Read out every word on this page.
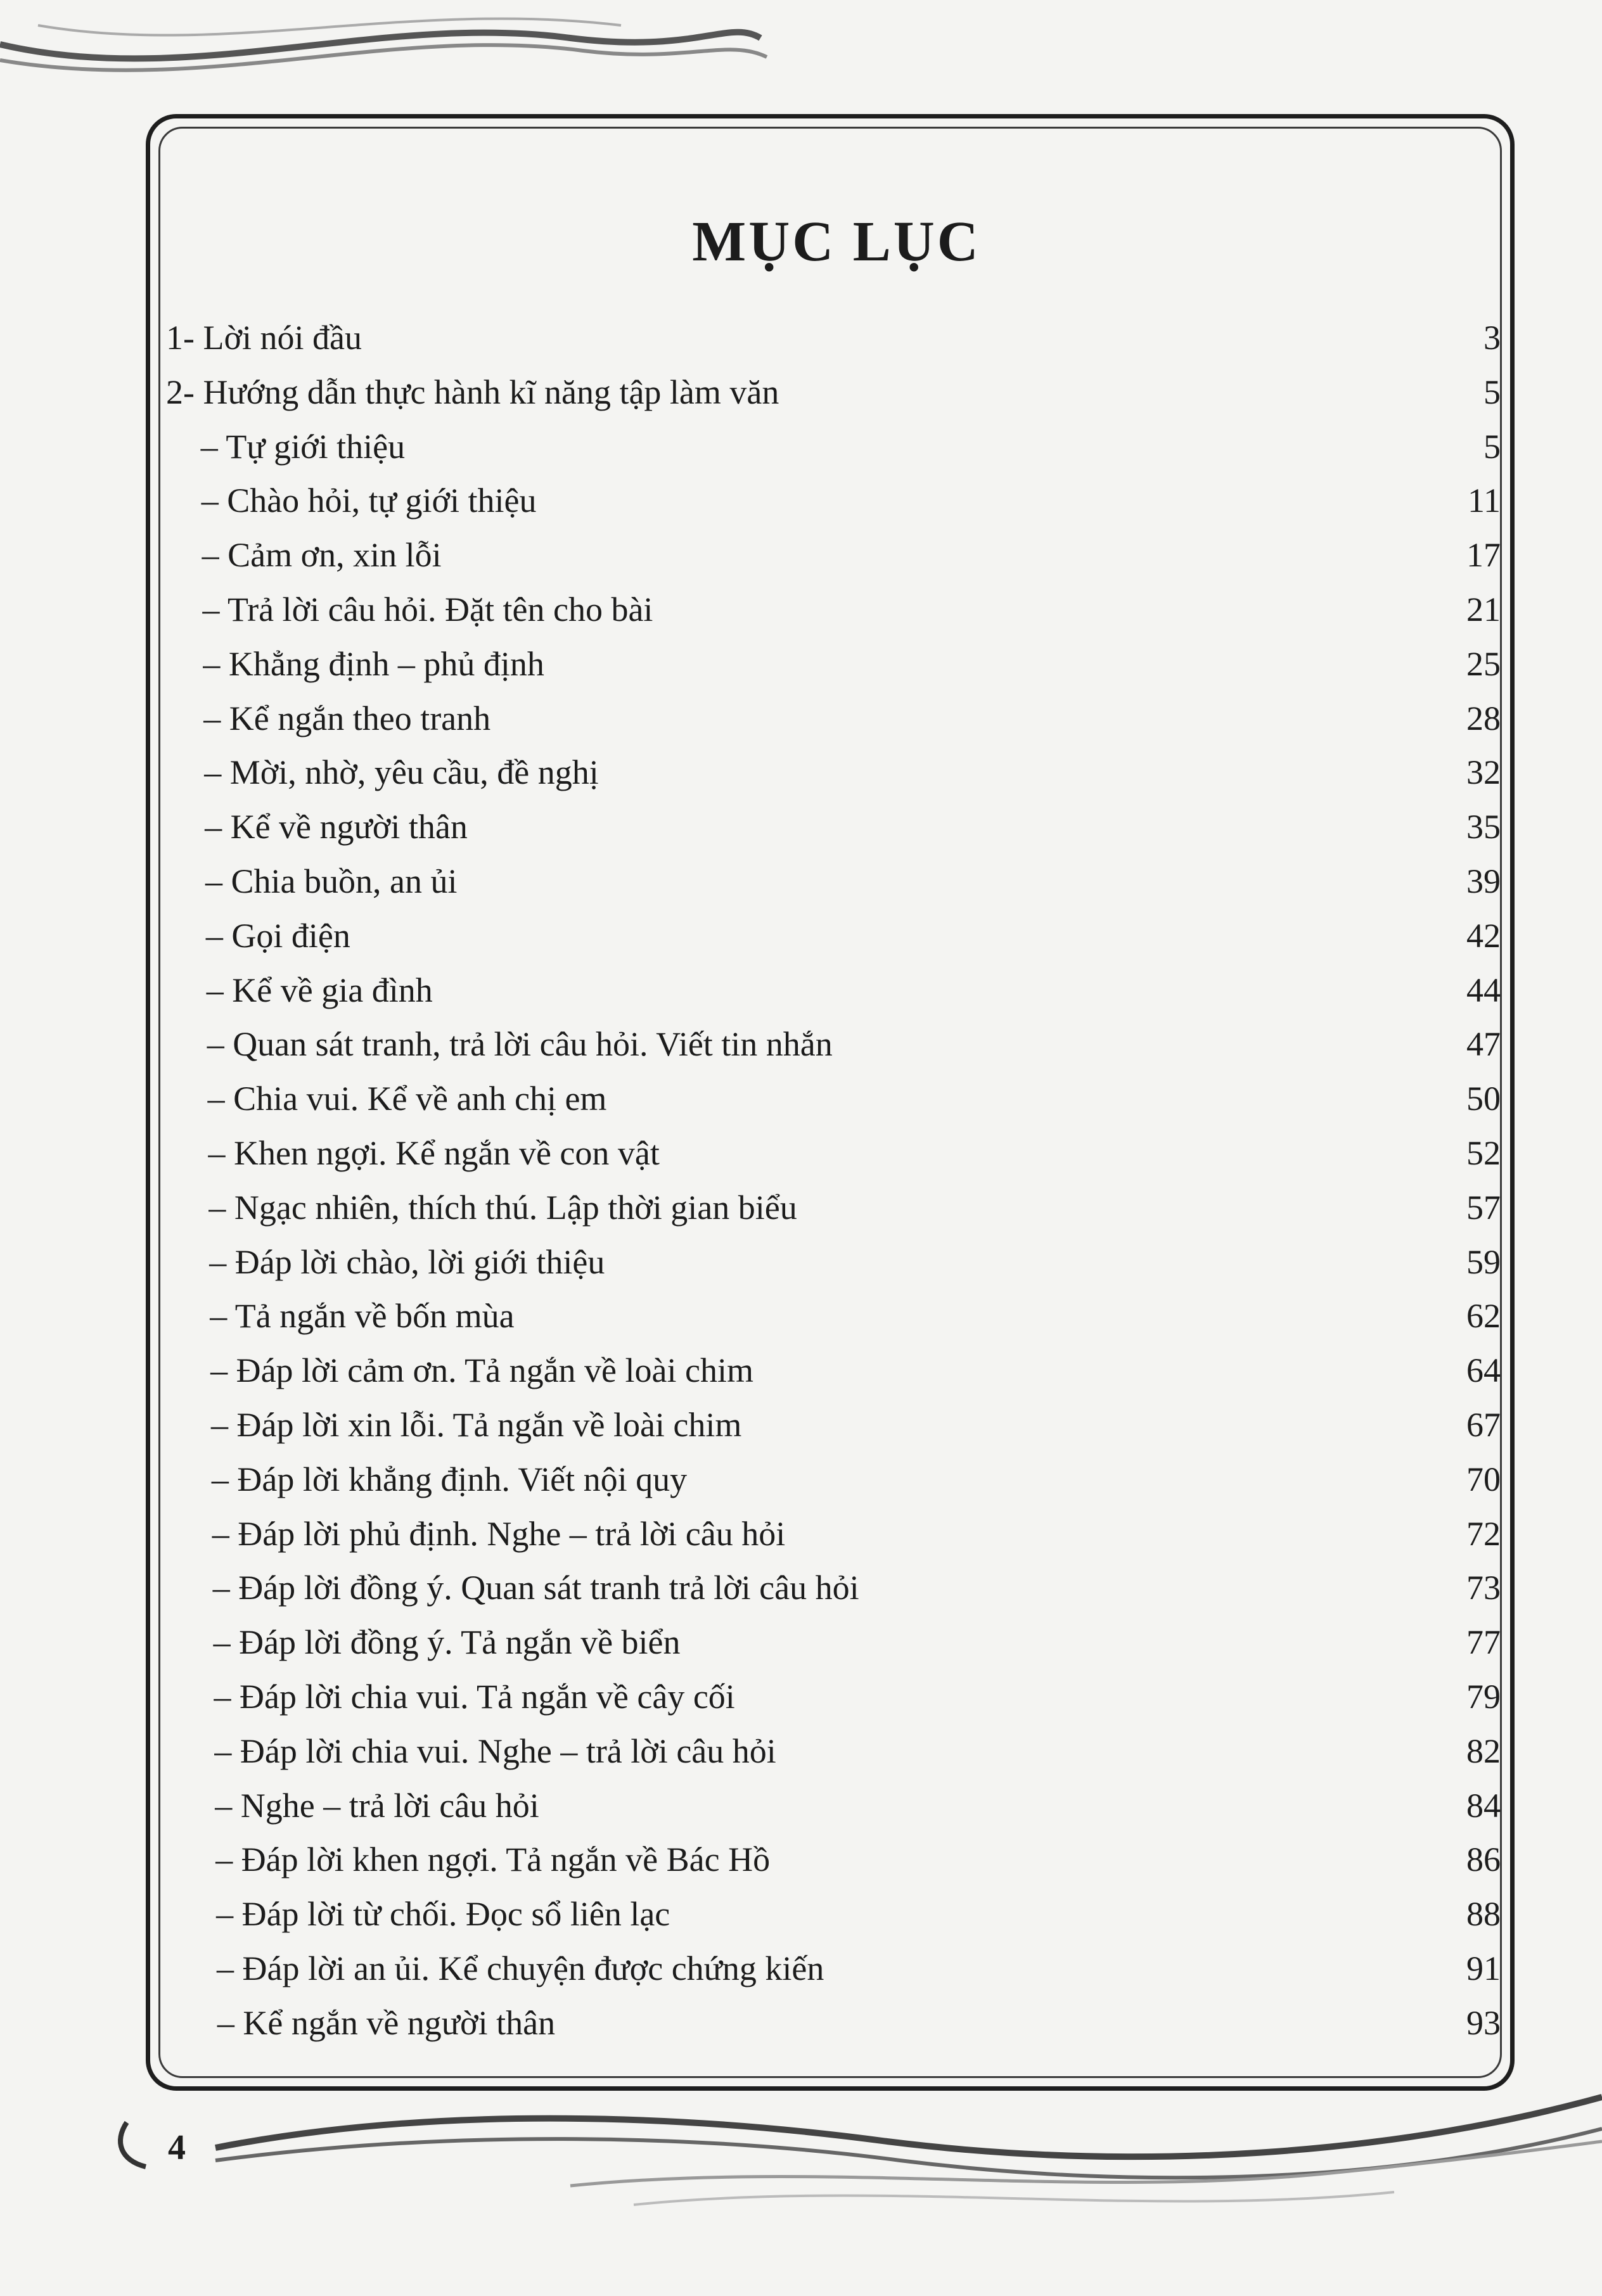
MỤC LỤC
1- Lời nói đầu	3
2- Hướng dẫn thực hành kĩ năng tập làm văn	5
– Tự giới thiệu	5
– Chào hỏi, tự giới thiệu	11
– Cảm ơn, xin lỗi	17
– Trả lời câu hỏi. Đặt tên cho bài	21
– Khẳng định – phủ định	25
– Kể ngắn theo tranh	28
– Mời, nhờ, yêu cầu, đề nghị	32
– Kể về người thân	35
– Chia buồn, an ủi	39
– Gọi điện	42
– Kể về gia đình	44
– Quan sát tranh, trả lời câu hỏi. Viết tin nhắn	47
– Chia vui. Kể về anh chị em	50
– Khen ngợi. Kể ngắn về con vật	52
– Ngạc nhiên, thích thú. Lập thời gian biểu	57
– Đáp lời chào, lời giới thiệu	59
– Tả ngắn về bốn mùa	62
– Đáp lời cảm ơn. Tả ngắn về loài chim	64
– Đáp lời xin lỗi. Tả ngắn về loài chim	67
– Đáp lời khẳng định. Viết nội quy	70
– Đáp lời phủ định. Nghe – trả lời câu hỏi	72
– Đáp lời đồng ý. Quan sát tranh trả lời câu hỏi	73
– Đáp lời đồng ý. Tả ngắn về biển	77
– Đáp lời chia vui. Tả ngắn về cây cối	79
– Đáp lời chia vui. Nghe – trả lời câu hỏi	82
– Nghe – trả lời câu hỏi	84
– Đáp lời khen ngợi. Tả ngắn về Bác Hồ	86
– Đáp lời từ chối. Đọc sổ liên lạc	88
– Đáp lời an ủi. Kể chuyện được chứng kiến	91
– Kể ngắn về người thân	93
4
